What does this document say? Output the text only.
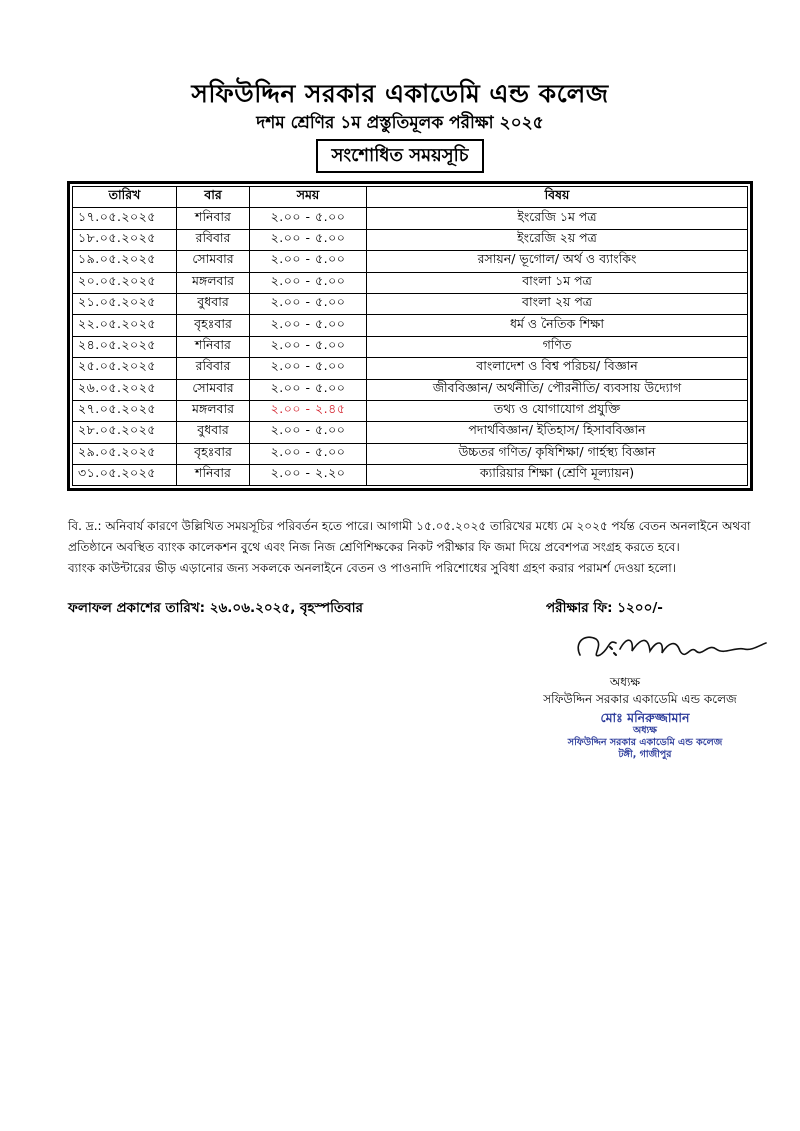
সফিউদ্দিন সরকার একাডেমি এন্ড কলেজ
দশম শ্রেণির ১ম প্রস্তুতিমূলক পরীক্ষা ২০২৫
সংশোধিত সময়সূচি
তারিখ	বার	সময়	বিষয়
১৭.০৫.২০২৫	শনিবার	২.০০ - ৫.০০	ইংরেজি ১ম পত্র
১৮.০৫.২০২৫	রবিবার	২.০০ - ৫.০০	ইংরেজি ২য় পত্র
১৯.০৫.২০২৫	সোমবার	২.০০ - ৫.০০	রসায়ন/ ভূগোল/ অর্থ ও ব্যাংকিং
২০.০৫.২০২৫	মঙ্গলবার	২.০০ - ৫.০০	বাংলা ১ম পত্র
২১.০৫.২০২৫	বুধবার	২.০০ - ৫.০০	বাংলা ২য় পত্র
২২.০৫.২০২৫	বৃহঃবার	২.০০ - ৫.০০	ধর্ম ও নৈতিক শিক্ষা
২৪.০৫.২০২৫	শনিবার	২.০০ - ৫.০০	গণিত
২৫.০৫.২০২৫	রবিবার	২.০০ - ৫.০০	বাংলাদেশ ও বিশ্ব পরিচয়/ বিজ্ঞান
২৬.০৫.২০২৫	সোমবার	২.০০ - ৫.০০	জীববিজ্ঞান/ অর্থনীতি/ পৌরনীতি/ ব্যবসায় উদ্যোগ
২৭.০৫.২০২৫	মঙ্গলবার	২.০০ - ২.৪৫	তথ্য ও যোগাযোগ প্রযুক্তি
২৮.০৫.২০২৫	বুধবার	২.০০ - ৫.০০	পদার্থবিজ্ঞান/ ইতিহাস/ হিসাববিজ্ঞান
২৯.০৫.২০২৫	বৃহঃবার	২.০০ - ৫.০০	উচ্চতর গণিত/ কৃষিশিক্ষা/ গার্হস্থ্য বিজ্ঞান
৩১.০৫.২০২৫	শনিবার	২.০০ - ২.২০	ক্যারিয়ার শিক্ষা (শ্রেণি মূল্যায়ন)

বি. দ্র.: অনিবার্য কারণে উল্লিখিত সময়সূচির পরিবর্তন হতে পারে। আগামী ১৫.০৫.২০২৫ তারিখের মধ্যে মে ২০২৫ পর্যন্ত বেতন অনলাইনে অথবা প্রতিষ্ঠানে অবস্থিত ব্যাংক কালেকশন বুথে এবং নিজ নিজ শ্রেণিশিক্ষকের নিকট পরীক্ষার ফি জমা দিয়ে প্রবেশপত্র সংগ্রহ করতে হবে।

ব্যাংক কাউন্টারের ভীড় এড়ানোর জন্য সকলকে অনলাইনে বেতন ও পাওনাদি পরিশোধের সুবিধা গ্রহণ করার পরামর্শ দেওয়া হলো।

ফলাফল প্রকাশের তারিখ: ২৬.০৬.২০২৫, বৃহস্পতিবার	পরীক্ষার ফি: ১২০০/-
অধ্যক্ষ
সফিউদ্দিন সরকার একাডেমি এন্ড কলেজ
মোঃ মনিরুজ্জামান
অধ্যক্ষ
সফিউদ্দিন সরকার একাডেমি এন্ড কলেজ
টঙ্গী, গাজীপুর
